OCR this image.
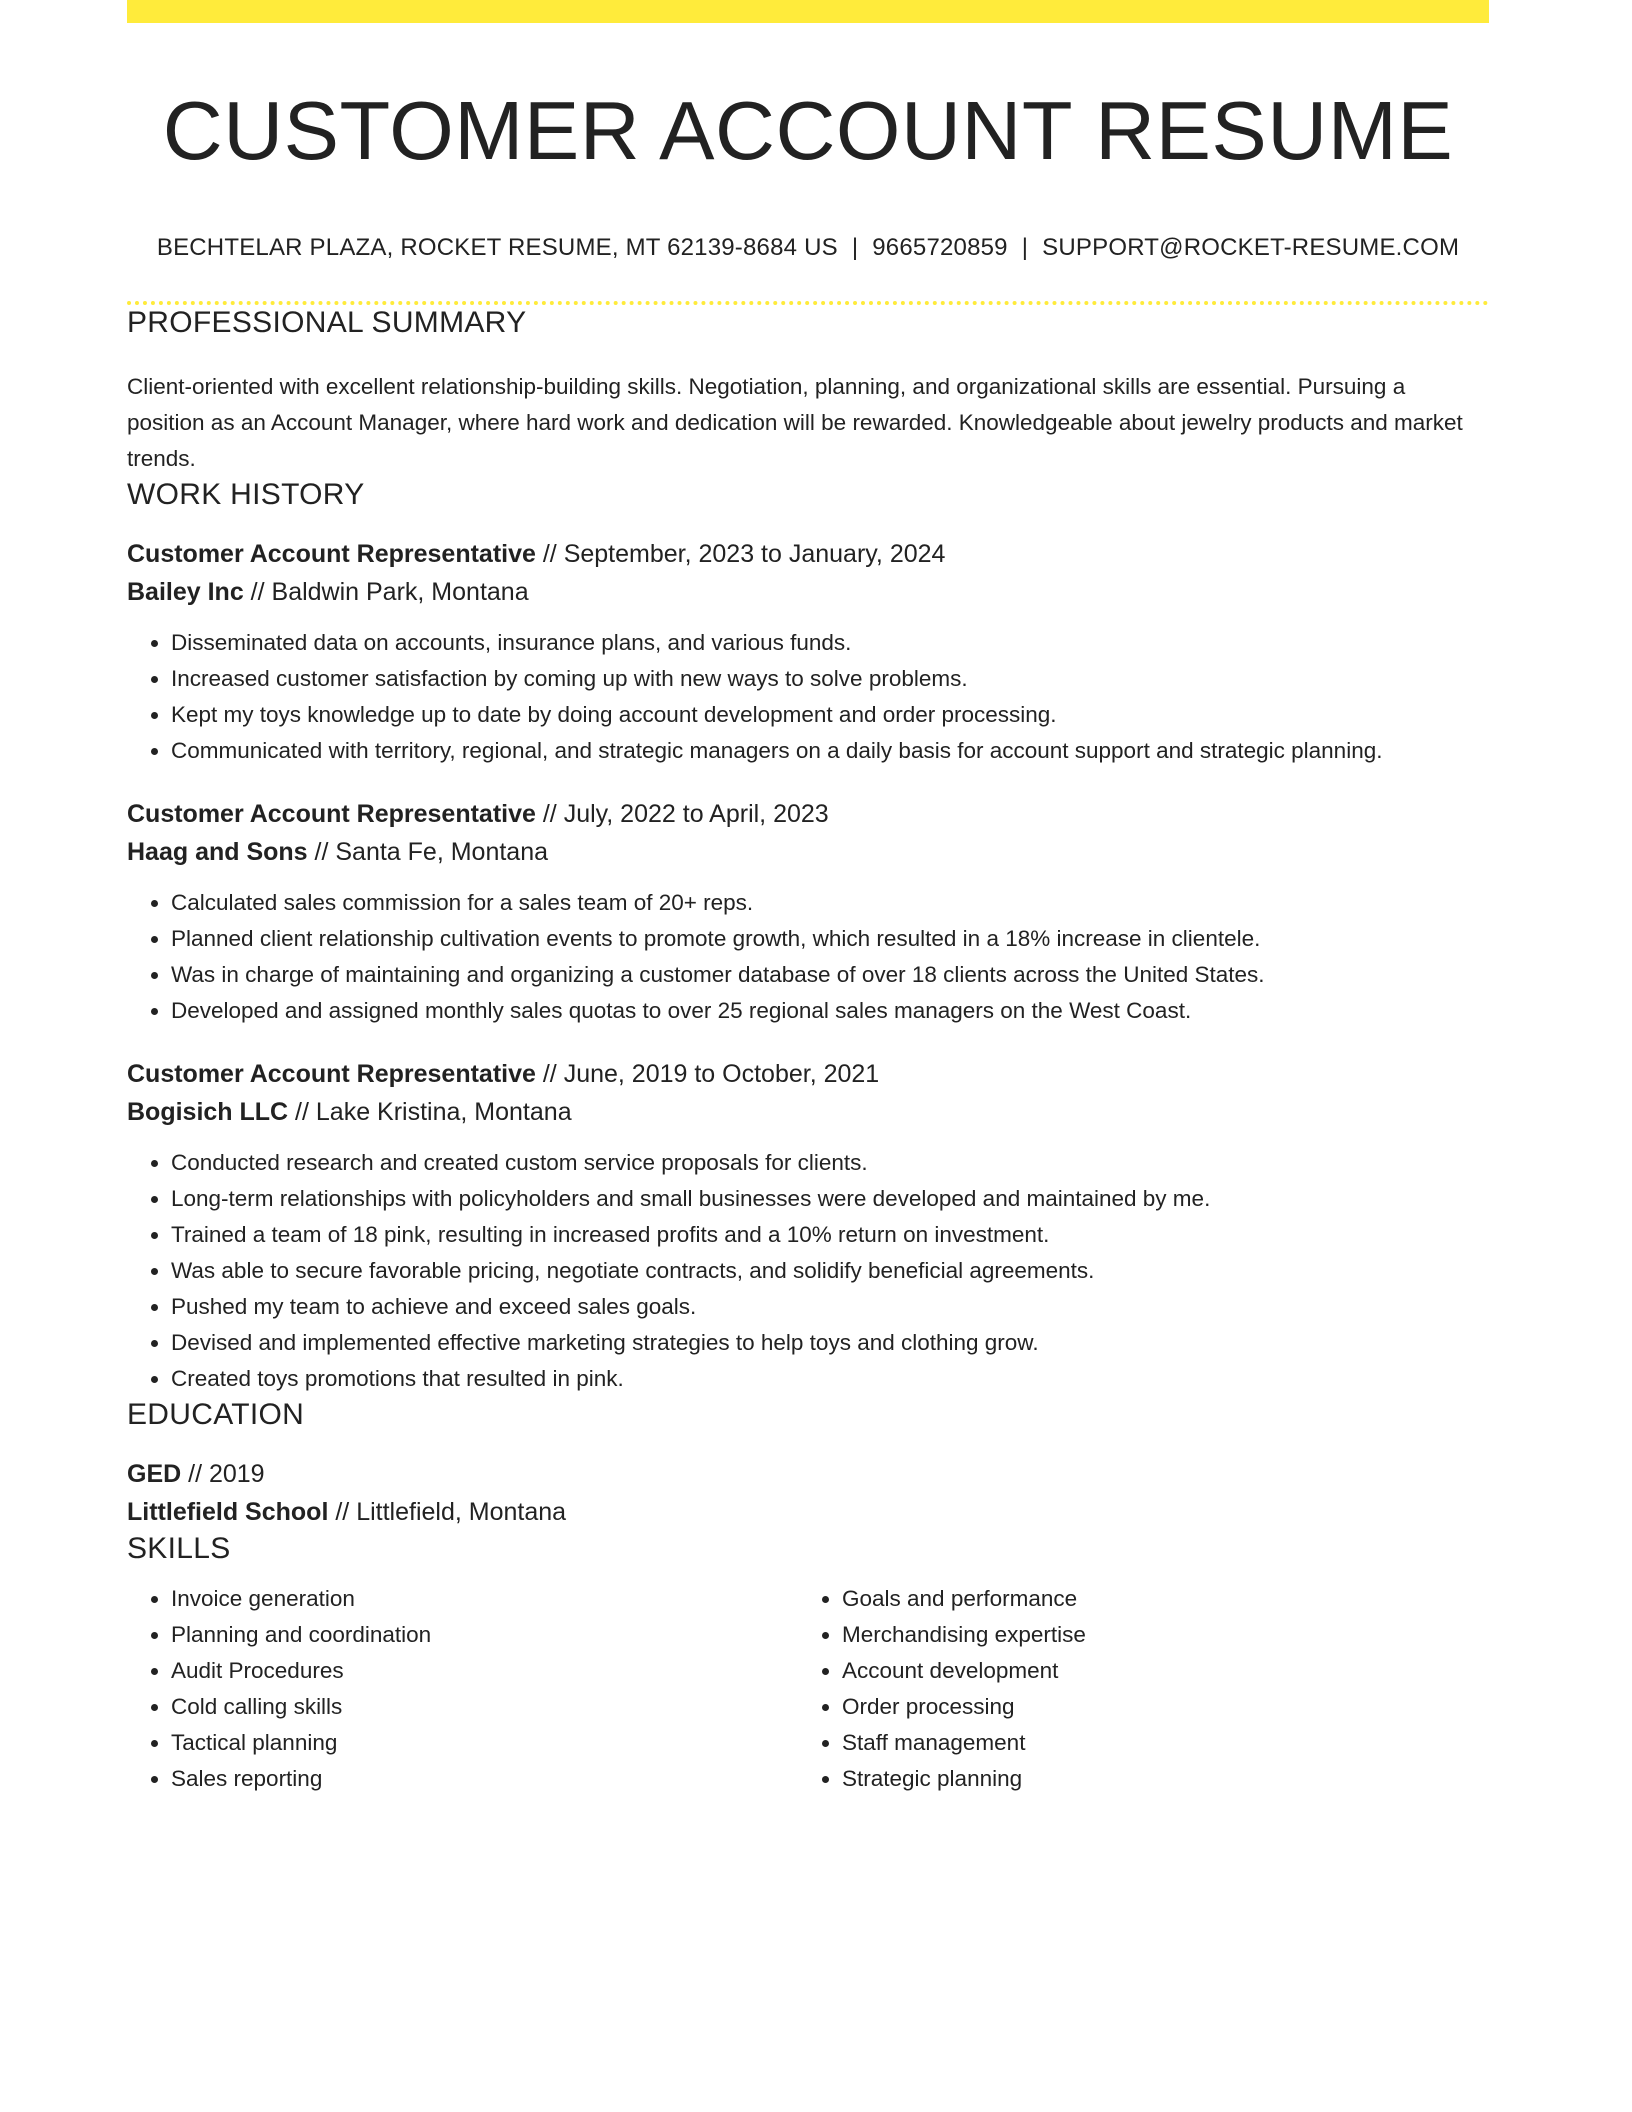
CUSTOMER ACCOUNT RESUME
BECHTELAR PLAZA, ROCKET RESUME, MT 62139-8684 US | 9665720859 | SUPPORT@ROCKET-RESUME.COM
PROFESSIONAL SUMMARY

Client-oriented with excellent relationship-building skills. Negotiation, planning, and organizational skills are essential. Pursuing a position as an Account Manager, where hard work and dedication will be rewarded. Knowledgeable about jewelry products and market trends.

WORK HISTORY
Customer Account Representative // September, 2023 to January, 2024
Bailey Inc // Baldwin Park, Montana
• Disseminated data on accounts, insurance plans, and various funds.
• Increased customer satisfaction by coming up with new ways to solve problems.
• Kept my toys knowledge up to date by doing account development and order processing.
• Communicated with territory, regional, and strategic managers on a daily basis for account support and strategic planning.
Customer Account Representative // July, 2022 to April, 2023
Haag and Sons // Santa Fe, Montana
• Calculated sales commission for a sales team of 20+ reps.
• Planned client relationship cultivation events to promote growth, which resulted in a 18% increase in clientele.
• Was in charge of maintaining and organizing a customer database of over 18 clients across the United States.
• Developed and assigned monthly sales quotas to over 25 regional sales managers on the West Coast.
Customer Account Representative // June, 2019 to October, 2021
Bogisich LLC // Lake Kristina, Montana
• Conducted research and created custom service proposals for clients.
• Long-term relationships with policyholders and small businesses were developed and maintained by me.
• Trained a team of 18 pink, resulting in increased profits and a 10% return on investment.
• Was able to secure favorable pricing, negotiate contracts, and solidify beneficial agreements.
• Pushed my team to achieve and exceed sales goals.
• Devised and implemented effective marketing strategies to help toys and clothing grow.
• Created toys promotions that resulted in pink.
EDUCATION
GED // 2019
Littlefield School // Littlefield, Montana
SKILLS
• Invoice generation
• Planning and coordination
• Audit Procedures
• Cold calling skills
• Tactical planning
• Sales reporting
• Goals and performance
• Merchandising expertise
• Account development
• Order processing
• Staff management
• Strategic planning
